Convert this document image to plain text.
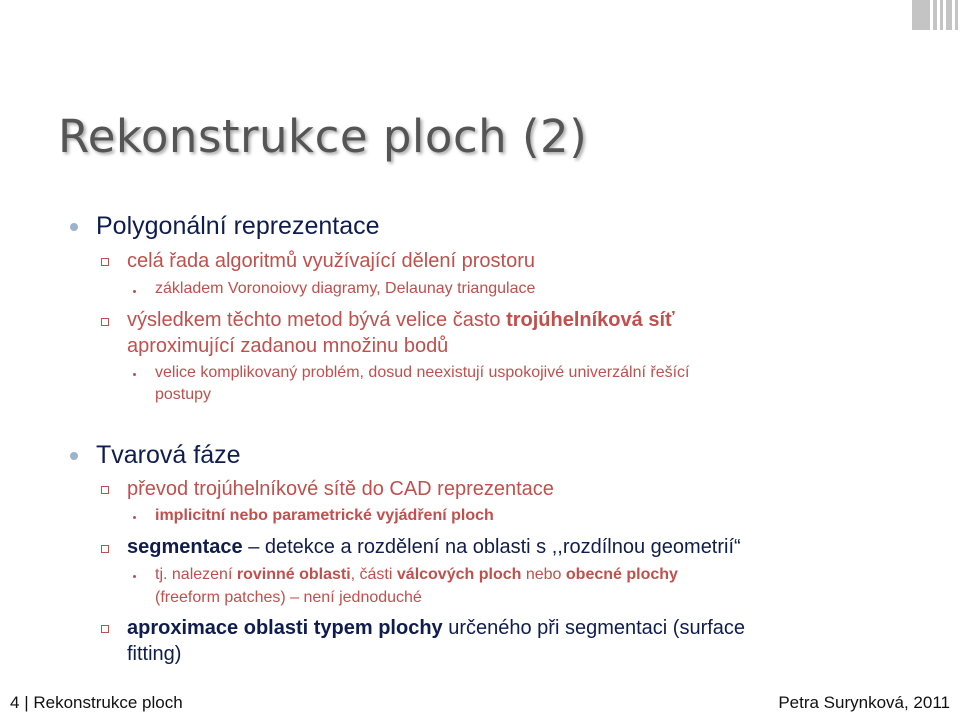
Rekonstrukce ploch (2)
Polygonální reprezentace
celá řada algoritmů využívající dělení prostoru
základem Voronoiovy diagramy, Delaunay triangulace
výsledkem těchto metod bývá velice často trojúhelníková síť
aproximující zadanou množinu bodů
velice komplikovaný problém, dosud neexistují uspokojivé univerzální řešící
postupy
Tvarová fáze
převod trojúhelníkové sítě do CAD reprezentace
implicitní nebo parametrické vyjádření ploch
segmentace – detekce a rozdělení na oblasti s ,,rozdílnou geometrií“
tj. nalezení rovinné oblasti, části válcových ploch nebo obecné plochy
(freeform patches) – není jednoduché
aproximace oblasti typem plochy určeného při segmentaci (surface
fitting)
4 | Rekonstrukce ploch	Petra Surynková, 2011
